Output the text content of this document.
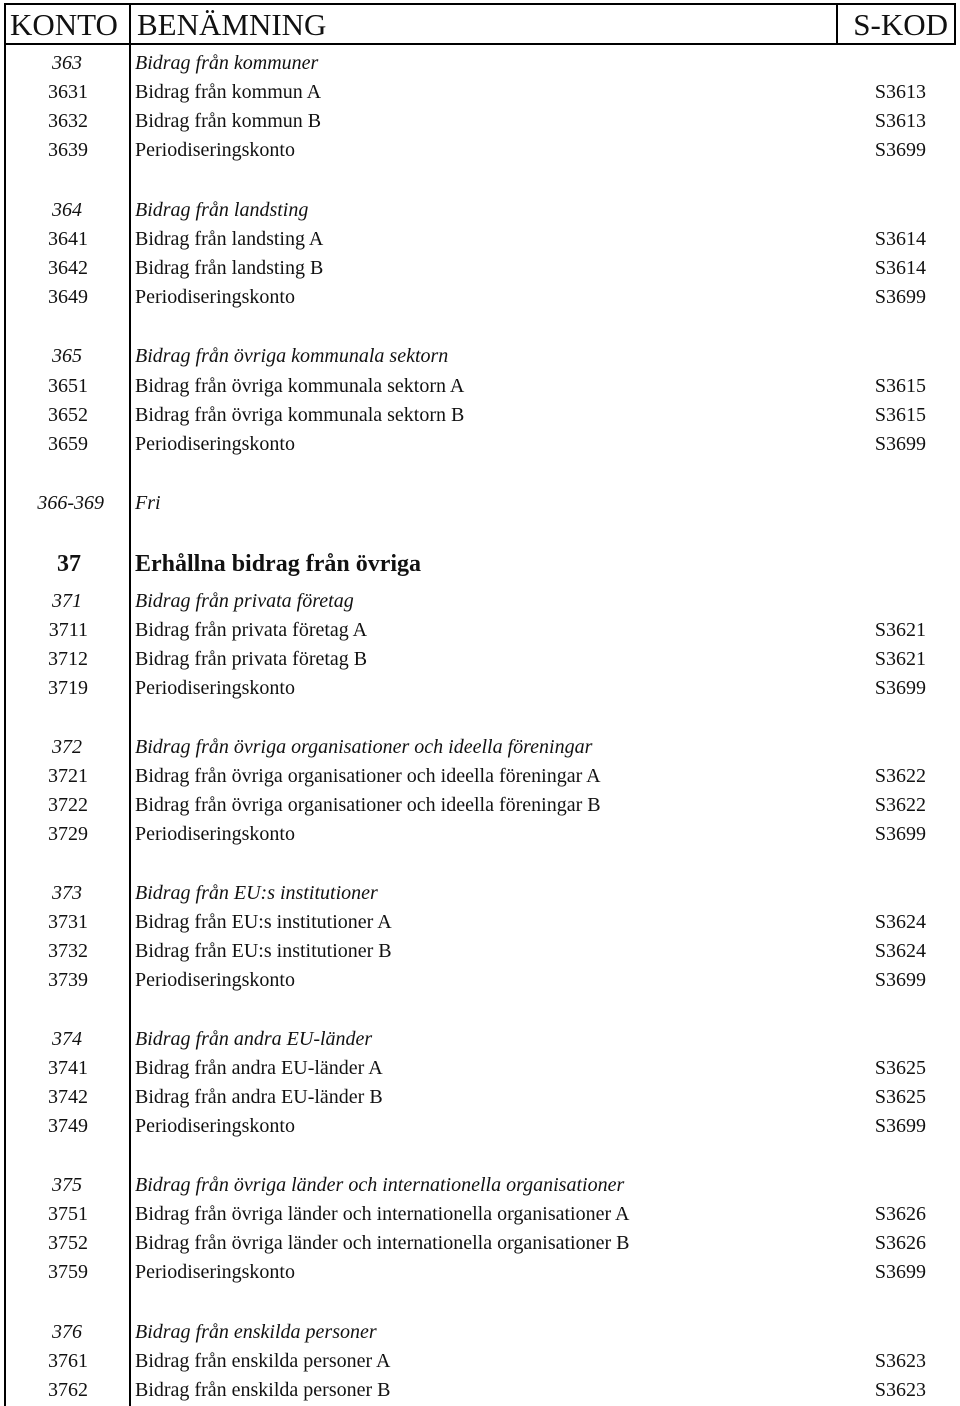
KONTO BENÄMNING	S-KOD
363	Bidrag från kommuner
3631 Bidrag från kommun A	S3613
3632 Bidrag från kommun B	S3613
3639 Periodiseringskonto	S3699
364	Bidrag från landsting
3641 Bidrag från landsting A	S3614
3642 Bidrag från landsting B	S3614
3649 Periodiseringskonto	S3699
365	Bidrag från övriga kommunala sektorn
3651 Bidrag från övriga kommunala sektorn A	S3615
3652 Bidrag från övriga kommunala sektorn B	S3615
3659 Periodiseringskonto	S3699
366-369 Fri
37 Erhållna bidrag från övriga
371	Bidrag från privata företag
3711 Bidrag från privata företag A	S3621
3712 Bidrag från privata företag B	S3621
3719 Periodiseringskonto	S3699
372	Bidrag från övriga organisationer och ideella föreningar
3721 Bidrag från övriga organisationer och ideella föreningar A	S3622
3722 Bidrag från övriga organisationer och ideella föreningar B	S3622
3729 Periodiseringskonto	S3699
373	Bidrag från EU:s institutioner
3731 Bidrag från EU:s institutioner A	S3624
3732 Bidrag från EU:s institutioner B	S3624
3739 Periodiseringskonto	S3699
374	Bidrag från andra EU-länder
3741 Bidrag från andra EU-länder A	S3625
3742 Bidrag från andra EU-länder B	S3625
3749 Periodiseringskonto	S3699
375	Bidrag från övriga länder och internationella organisationer
3751 Bidrag från övriga länder och internationella organisationer A	S3626
3752 Bidrag från övriga länder och internationella organisationer B	S3626
3759 Periodiseringskonto	S3699
376	Bidrag från enskilda personer
3761 Bidrag från enskilda personer A	S3623
3762 Bidrag från enskilda personer B	S3623
